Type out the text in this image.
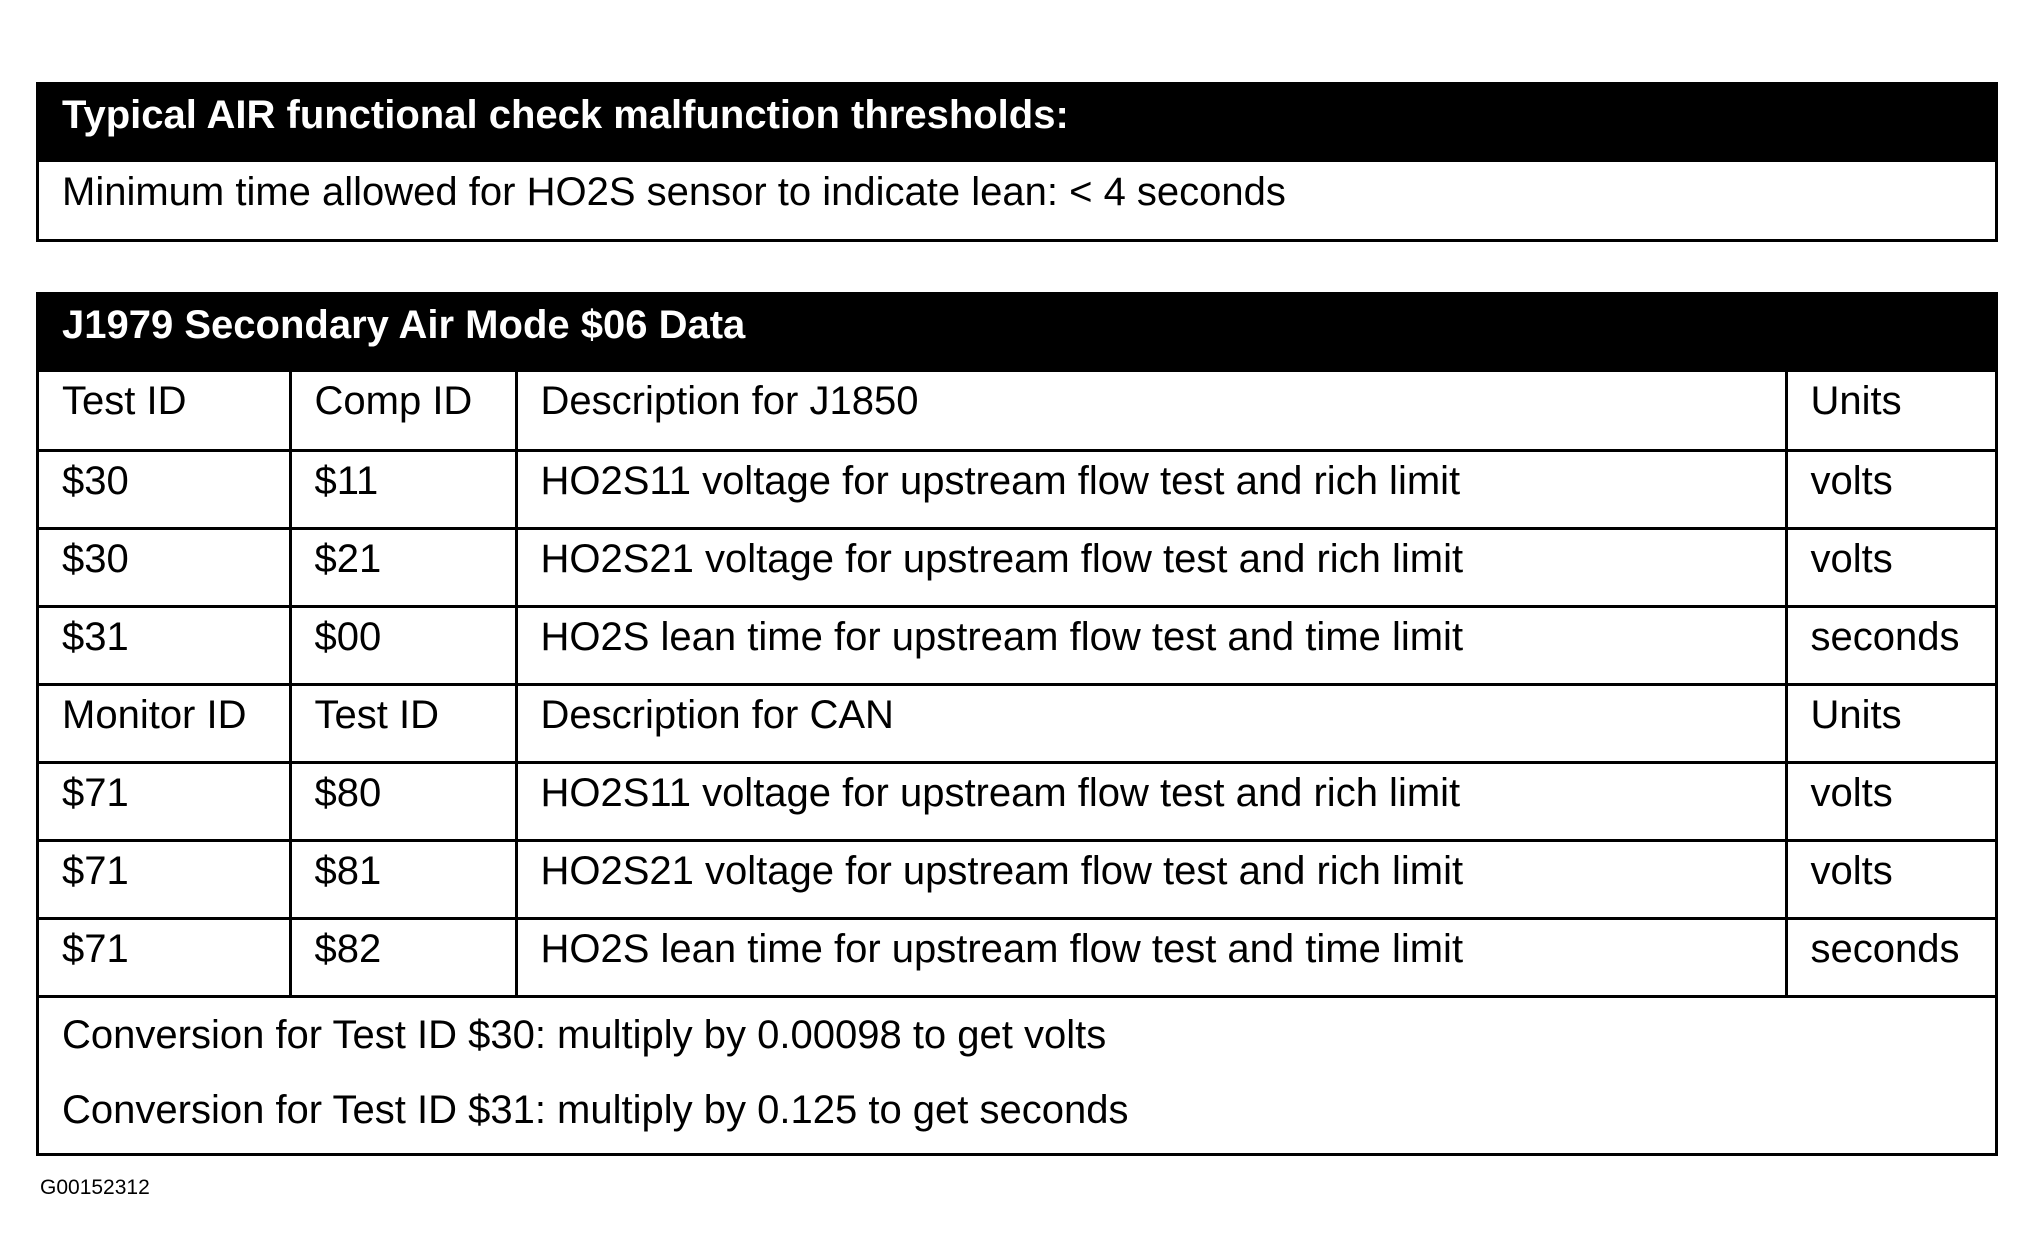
Typical AIR functional check malfunction thresholds:
Minimum time allowed for HO2S sensor to indicate lean: < 4 seconds
J1979 Secondary Air Mode $06 Data
Test ID	Comp ID	Description for J1850	Units
$30	$11	HO2S11 voltage for upstream flow test and rich limit	volts
$30	$21	HO2S21 voltage for upstream flow test and rich limit	volts
$31	$00	HO2S lean time for upstream flow test and time limit	seconds
Monitor ID	Test ID	Description for CAN	Units
$71	$80	HO2S11 voltage for upstream flow test and rich limit	volts
$71	$81	HO2S21 voltage for upstream flow test and rich limit	volts
$71	$82	HO2S lean time for upstream flow test and time limit	seconds
Conversion for Test ID $30: multiply by 0.00098 to get volts
Conversion for Test ID $31: multiply by 0.125 to get seconds
G00152312
